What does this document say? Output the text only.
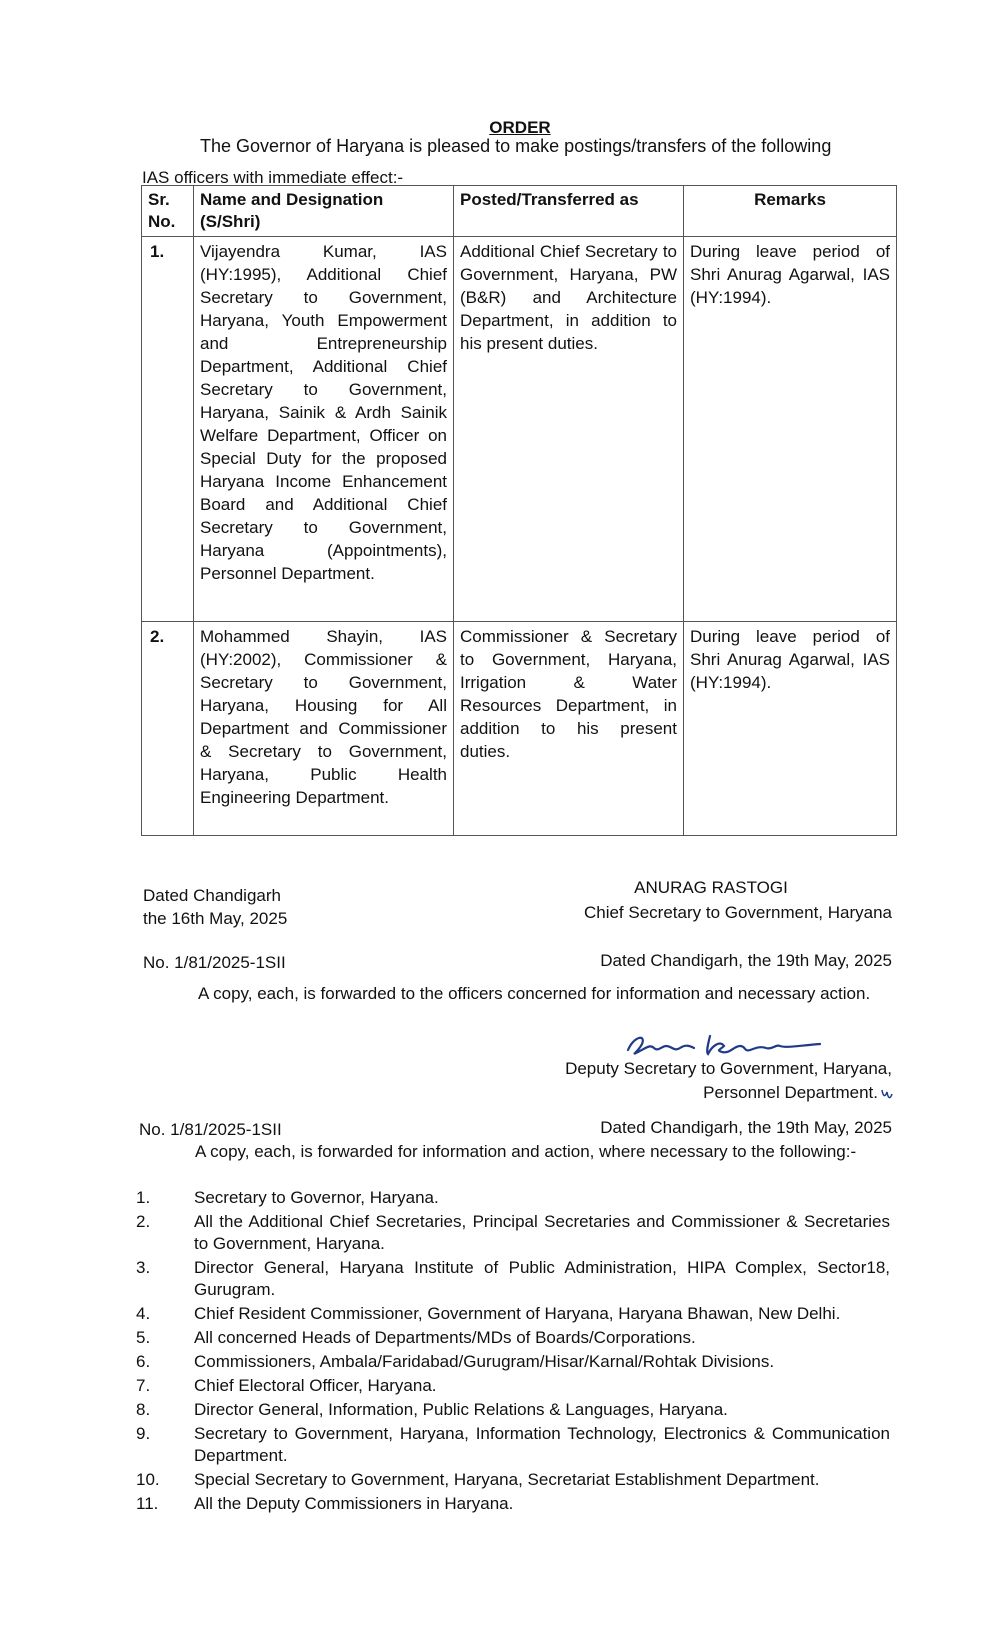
ORDER
The Governor of Haryana is pleased to make postings/transfers of the following
IAS officers with immediate effect:-
Sr. No.	Name and Designation (S/Shri)	Posted/Transferred as	Remarks
1.	Vijayendra Kumar, IAS (HY:1995), Additional Chief Secretary to Government, Haryana, Youth Empowerment and Entrepreneurship Department, Additional Chief Secretary to Government, Haryana, Sainik & Ardh Sainik Welfare Department, Officer on Special Duty for the proposed Haryana Income Enhancement Board and Additional Chief Secretary to Government, Haryana (Appointments), Personnel Department.	Additional Chief Secretary to Government, Haryana, PW (B&R) and Architecture Department, in addition to his present duties.	During leave period of Shri Anurag Agarwal, IAS (HY:1994).
2.	Mohammed Shayin, IAS (HY:2002), Commissioner & Secretary to Government, Haryana, Housing for All Department and Commissioner & Secretary to Government, Haryana, Public Health Engineering Department.	Commissioner & Secretary to Government, Haryana, Irrigation & Water Resources Department, in addition to his present duties.	During leave period of Shri Anurag Agarwal, IAS (HY:1994).
Dated Chandigarh
the 16th May, 2025
ANURAG RASTOGI
Chief Secretary to Government, Haryana
No. 1/81/2025-1SII	Dated Chandigarh, the 19th May, 2025
A copy, each, is forwarded to the officers concerned for information and necessary action.
Deputy Secretary to Government, Haryana,
Personnel Department.
No. 1/81/2025-1SII	Dated Chandigarh, the 19th May, 2025
A copy, each, is forwarded for information and action, where necessary to the following:-
1.	Secretary to Governor, Haryana.
2.	All the Additional Chief Secretaries, Principal Secretaries and Commissioner & Secretaries to Government, Haryana.
3.	Director General, Haryana Institute of Public Administration, HIPA Complex, Sector18, Gurugram.
4.	Chief Resident Commissioner, Government of Haryana, Haryana Bhawan, New Delhi.
5.	All concerned Heads of Departments/MDs of Boards/Corporations.
6.	Commissioners, Ambala/Faridabad/Gurugram/Hisar/Karnal/Rohtak Divisions.
7.	Chief Electoral Officer, Haryana.
8.	Director General, Information, Public Relations & Languages, Haryana.
9.	Secretary to Government, Haryana, Information Technology, Electronics & Communication Department.
10.	Special Secretary to Government, Haryana, Secretariat Establishment Department.
11.	All the Deputy Commissioners in Haryana.
